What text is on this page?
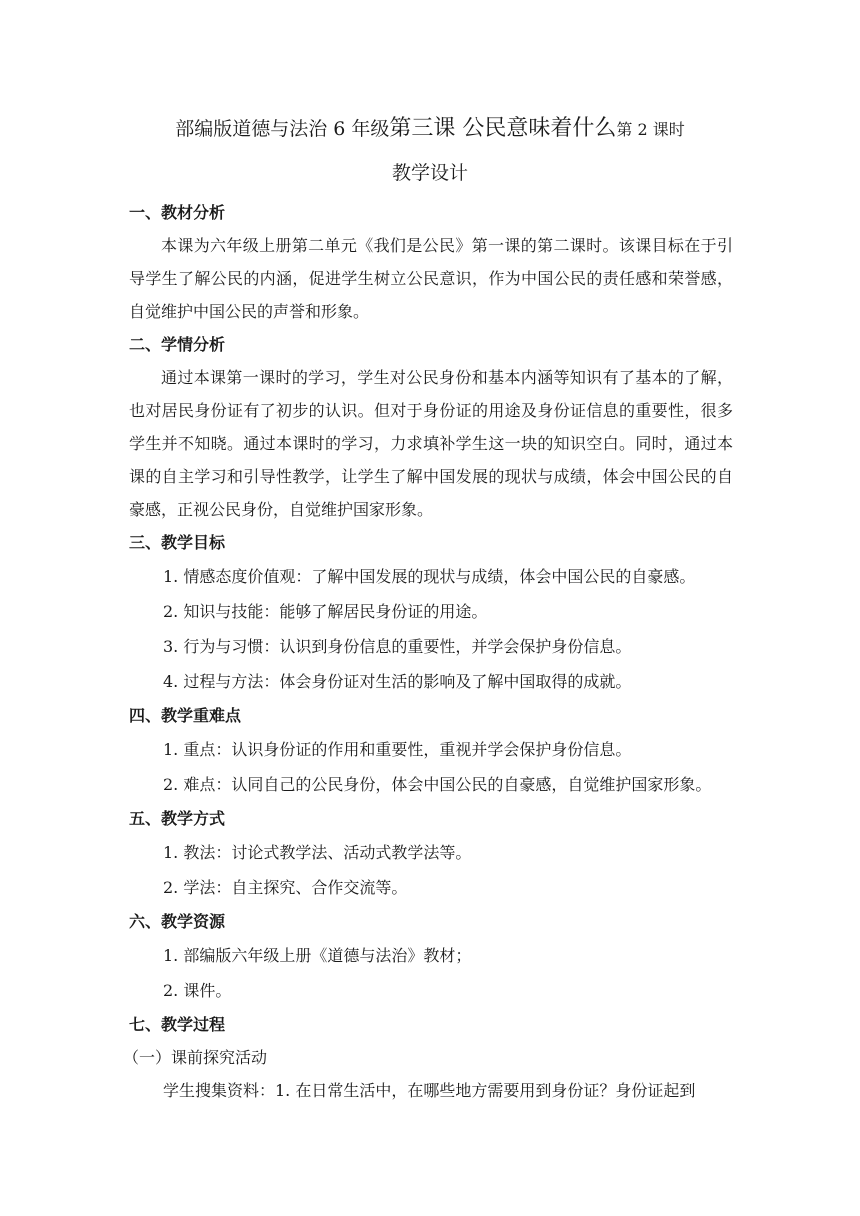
部编版道德与法治 6 年级第三课 公民意味着什么第 2 课时
教学设计

一、教材分析

本课为六年级上册第二单元《我们是公民》第一课的第二课时。该课目标在于引导学生了解公民的内涵，促进学生树立公民意识，作为中国公民的责任感和荣誉感，自觉维护中国公民的声誉和形象。

二、学情分析

通过本课第一课时的学习，学生对公民身份和基本内涵等知识有了基本的了解，也对居民身份证有了初步的认识。但对于身份证的用途及身份证信息的重要性，很多学生并不知晓。通过本课时的学习，力求填补学生这一块的知识空白。同时，通过本课的自主学习和引导性教学，让学生了解中国发展的现状与成绩，体会中国公民的自豪感，正视公民身份，自觉维护国家形象。

三、教学目标

1. 情感态度价值观：了解中国发展的现状与成绩，体会中国公民的自豪感。

2. 知识与技能：能够了解居民身份证的用途。

3. 行为与习惯：认识到身份信息的重要性，并学会保护身份信息。

4. 过程与方法：体会身份证对生活的影响及了解中国取得的成就。

四、教学重难点

1. 重点：认识身份证的作用和重要性，重视并学会保护身份信息。

2. 难点：认同自己的公民身份，体会中国公民的自豪感，自觉维护国家形象。

五、教学方式

1. 教法：讨论式教学法、活动式教学法等。

2. 学法：自主探究、合作交流等。

六、教学资源

1. 部编版六年级上册《道德与法治》教材；

2. 课件。

七、教学过程

（一）课前探究活动

学生搜集资料：1. 在日常生活中，在哪些地方需要用到身份证？身份证起到
